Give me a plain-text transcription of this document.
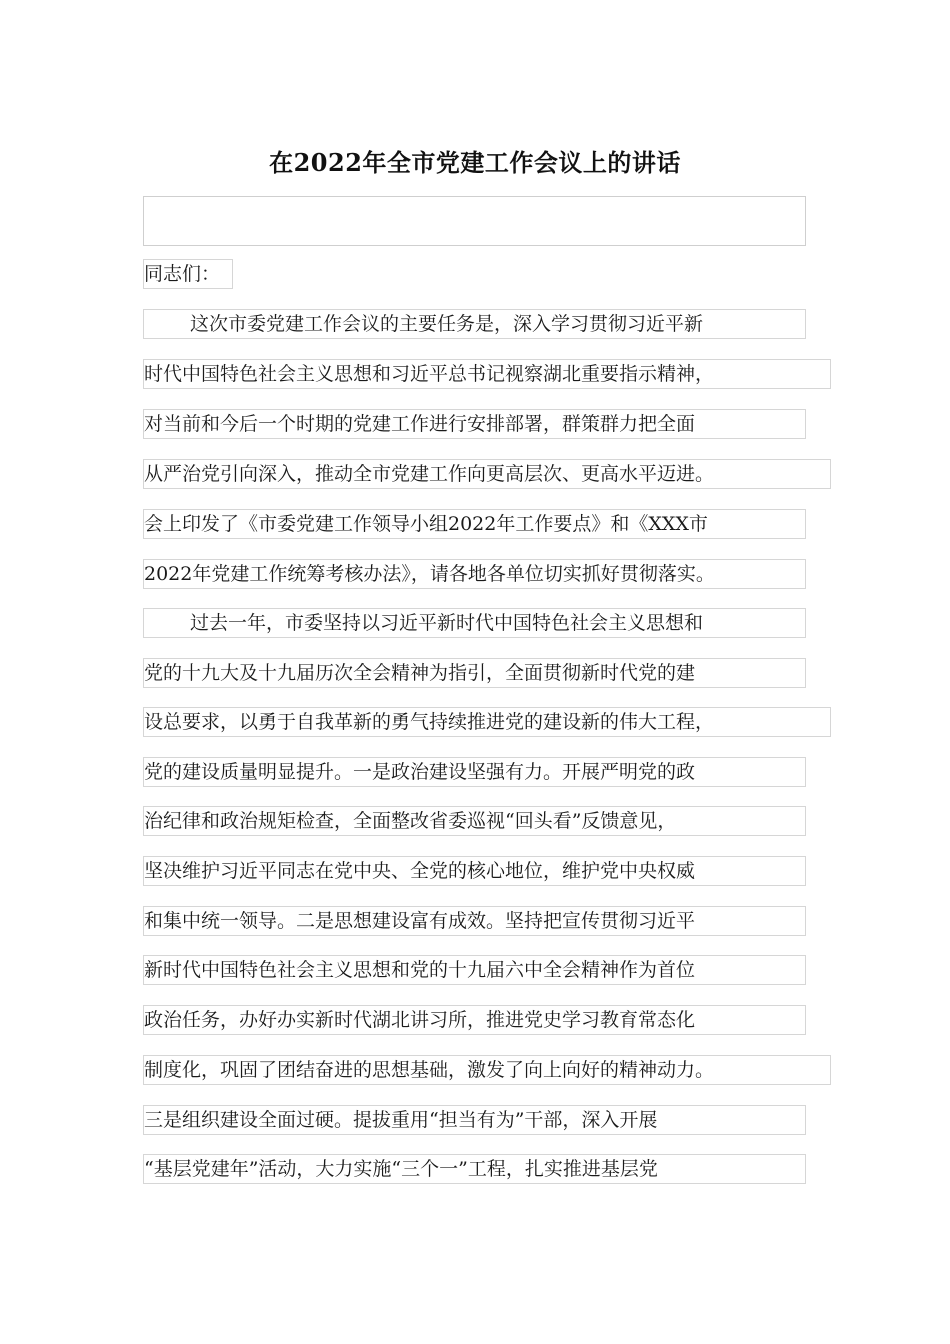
在2022年全市党建工作会议上的讲话
同志们：
这次市委党建工作会议的主要任务是，深入学习贯彻习近平新
时代中国特色社会主义思想和习近平总书记视察湖北重要指示精神，
对当前和今后一个时期的党建工作进行安排部署，群策群力把全面
从严治党引向深入，推动全市党建工作向更高层次、更高水平迈进。
会上印发了《市委党建工作领导小组2022年工作要点》和《XXX市
2022年党建工作统筹考核办法》，请各地各单位切实抓好贯彻落实。
过去一年，市委坚持以习近平新时代中国特色社会主义思想和
党的十九大及十九届历次全会精神为指引，全面贯彻新时代党的建
设总要求，以勇于自我革新的勇气持续推进党的建设新的伟大工程，
党的建设质量明显提升。一是政治建设坚强有力。开展严明党的政
治纪律和政治规矩检查，全面整改省委巡视“回头看”反馈意见，
坚决维护习近平同志在党中央、全党的核心地位，维护党中央权威
和集中统一领导。二是思想建设富有成效。坚持把宣传贯彻习近平
新时代中国特色社会主义思想和党的十九届六中全会精神作为首位
政治任务，办好办实新时代湖北讲习所，推进党史学习教育常态化
制度化，巩固了团结奋进的思想基础，激发了向上向好的精神动力。
三是组织建设全面过硬。提拔重用“担当有为”干部，深入开展
“基层党建年”活动，大力实施“三个一”工程，扎实推进基层党
